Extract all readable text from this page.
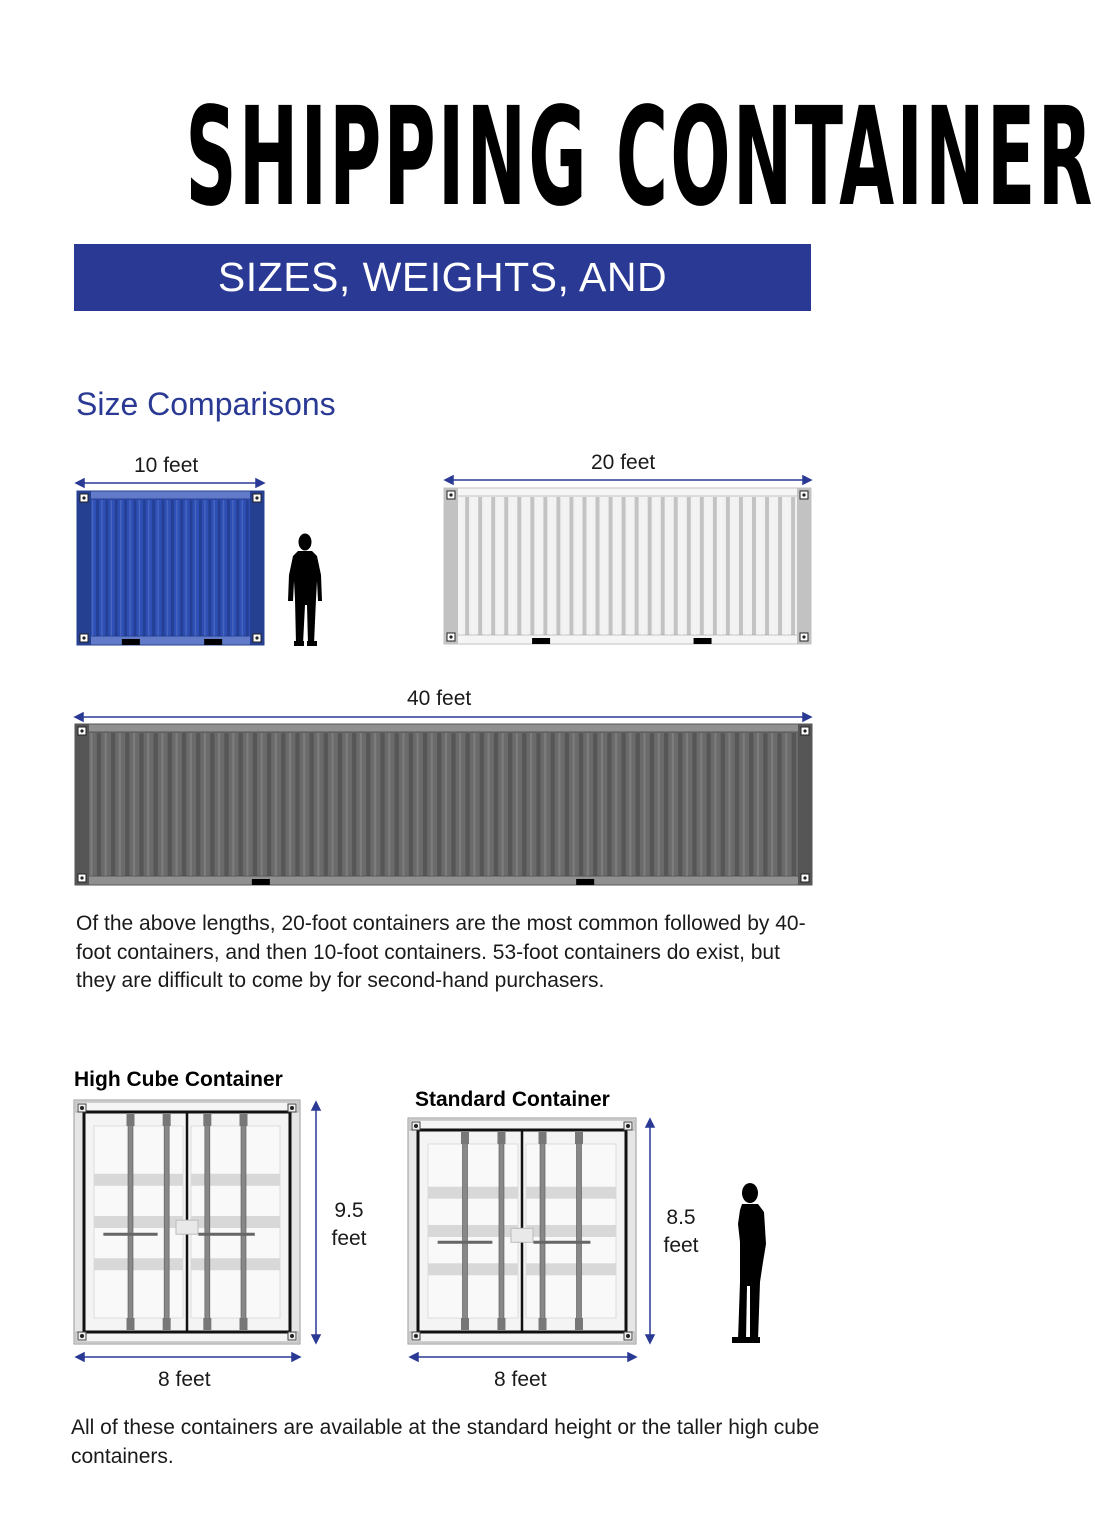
SHIPPING CONTAINER
SIZES, WEIGHTS, AND COMPONENTS
Size Comparisons
10 feet	20 feet
40 feet
Of the above lengths, 20-foot containers are the most common followed by 40-foot containers, and then 10-foot containers. 53-foot containers do exist, but they are difficult to come by for second-hand purchasers.
High Cube Container
Standard Container
9.5
feet
8.5
feet
8 feet	8 feet
All of these containers are available at the standard height or the taller high cube containers.
